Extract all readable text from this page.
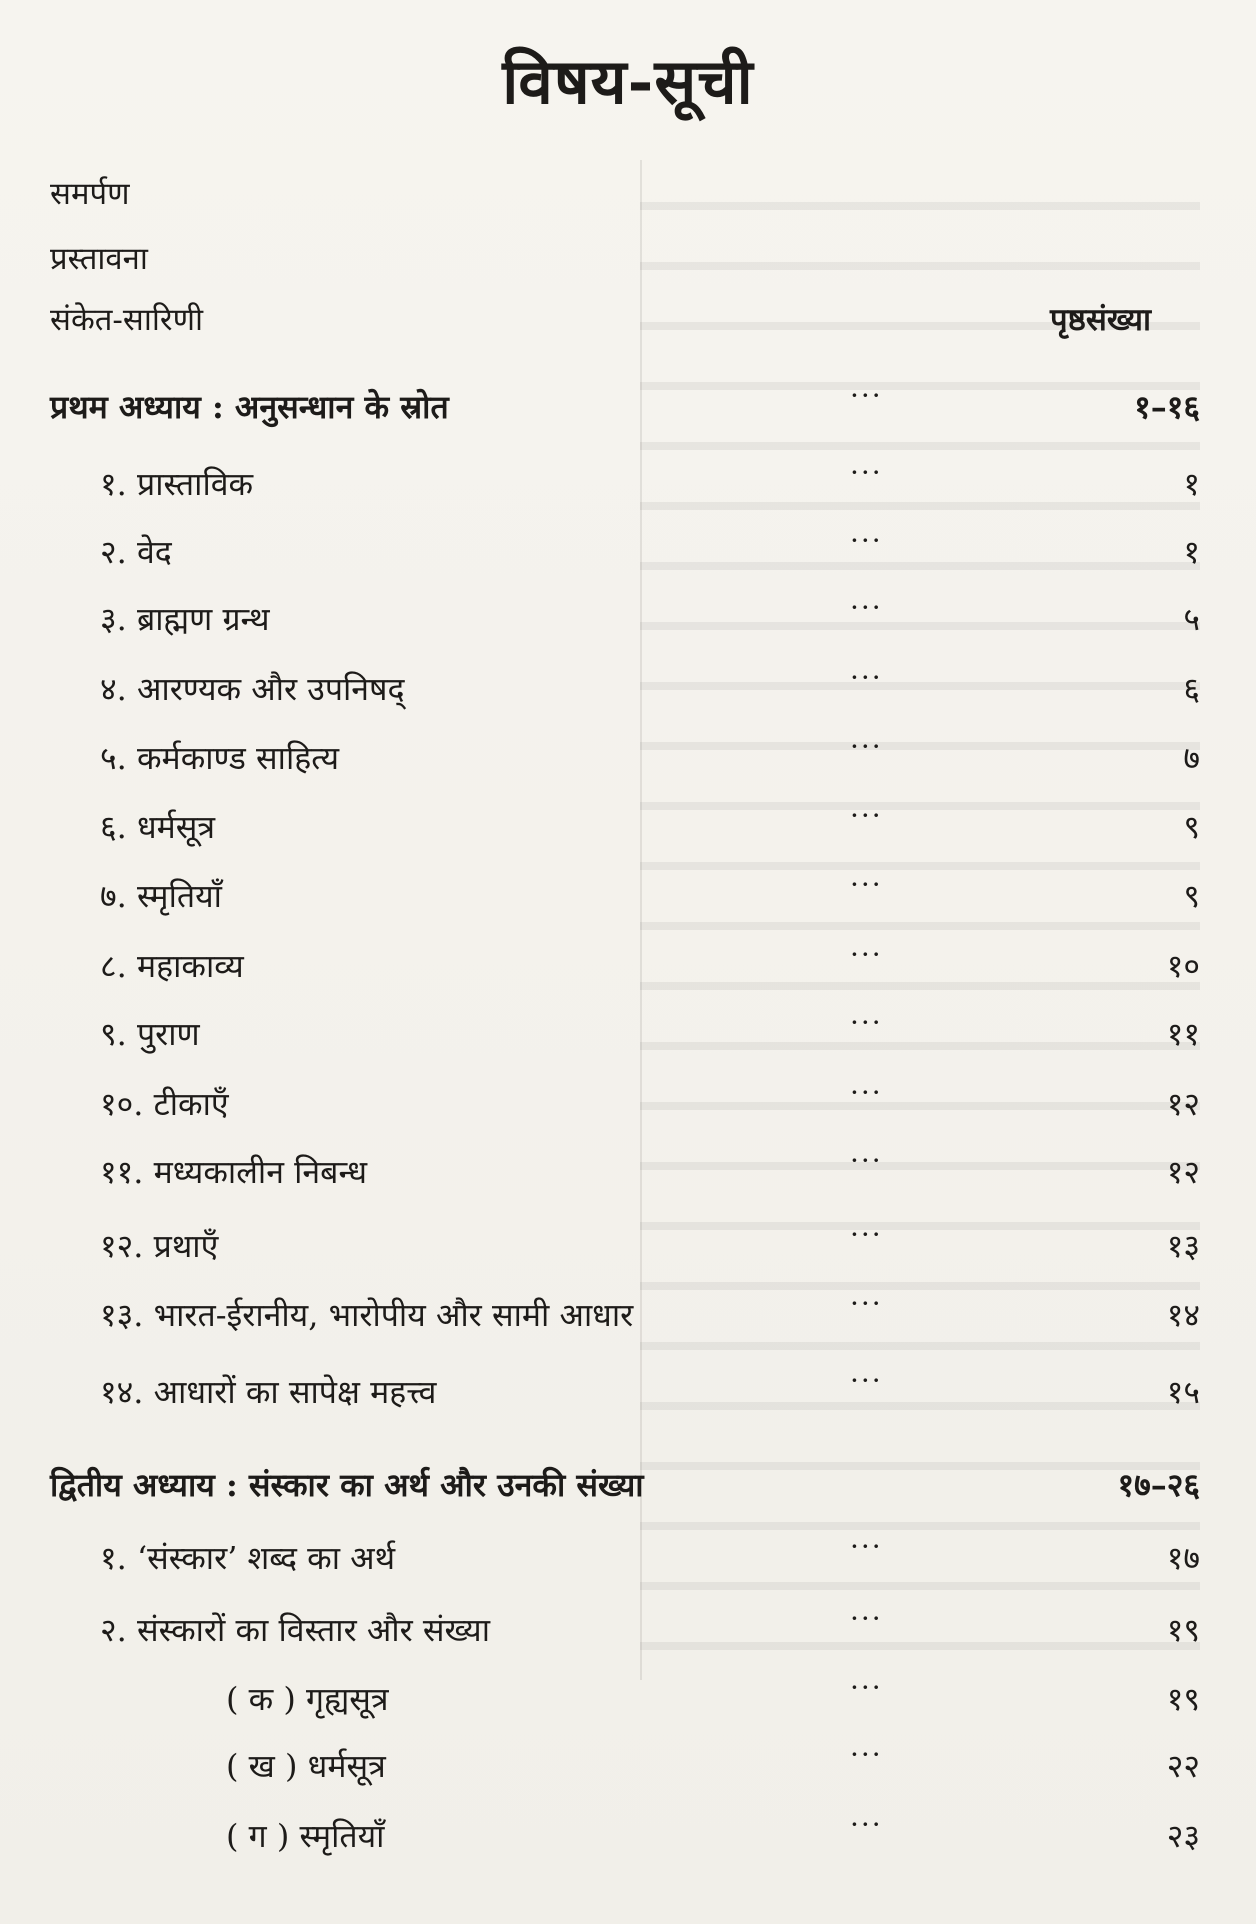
विषय-सूची
समर्पण
प्रस्तावना
संकेत-सारिणी	पृष्ठसंख्या
प्रथम अध्याय : अनुसन्धान के स्रोत	···	१–१६
१. प्रास्ताविक	···	१
२. वेद	···	१
३. ब्राह्मण ग्रन्थ	···	५
४. आरण्यक और उपनिषद्	···	६
५. कर्मकाण्ड साहित्य	···	७
६. धर्मसूत्र	···	९
७. स्मृतियाँ	···	९
८. महाकाव्य	···	१०
९. पुराण	···	११
१०. टीकाएँ	···	१२
११. मध्यकालीन निबन्ध	···	१२
१२. प्रथाएँ	···	१३
१३. भारत-ईरानीय, भारोपीय और सामी आधार	···	१४
१४. आधारों का सापेक्ष महत्त्व	···	१५
द्वितीय अध्याय : संस्कार का अर्थ और उनकी संख्या	१७–२६
१. ‘संस्कार’ शब्द का अर्थ	···	१७
२. संस्कारों का विस्तार और संख्या	···	१९
( क ) गृह्यसूत्र	···	१९
( ख ) धर्मसूत्र	···	२२
( ग ) स्मृतियाँ	···	२३
